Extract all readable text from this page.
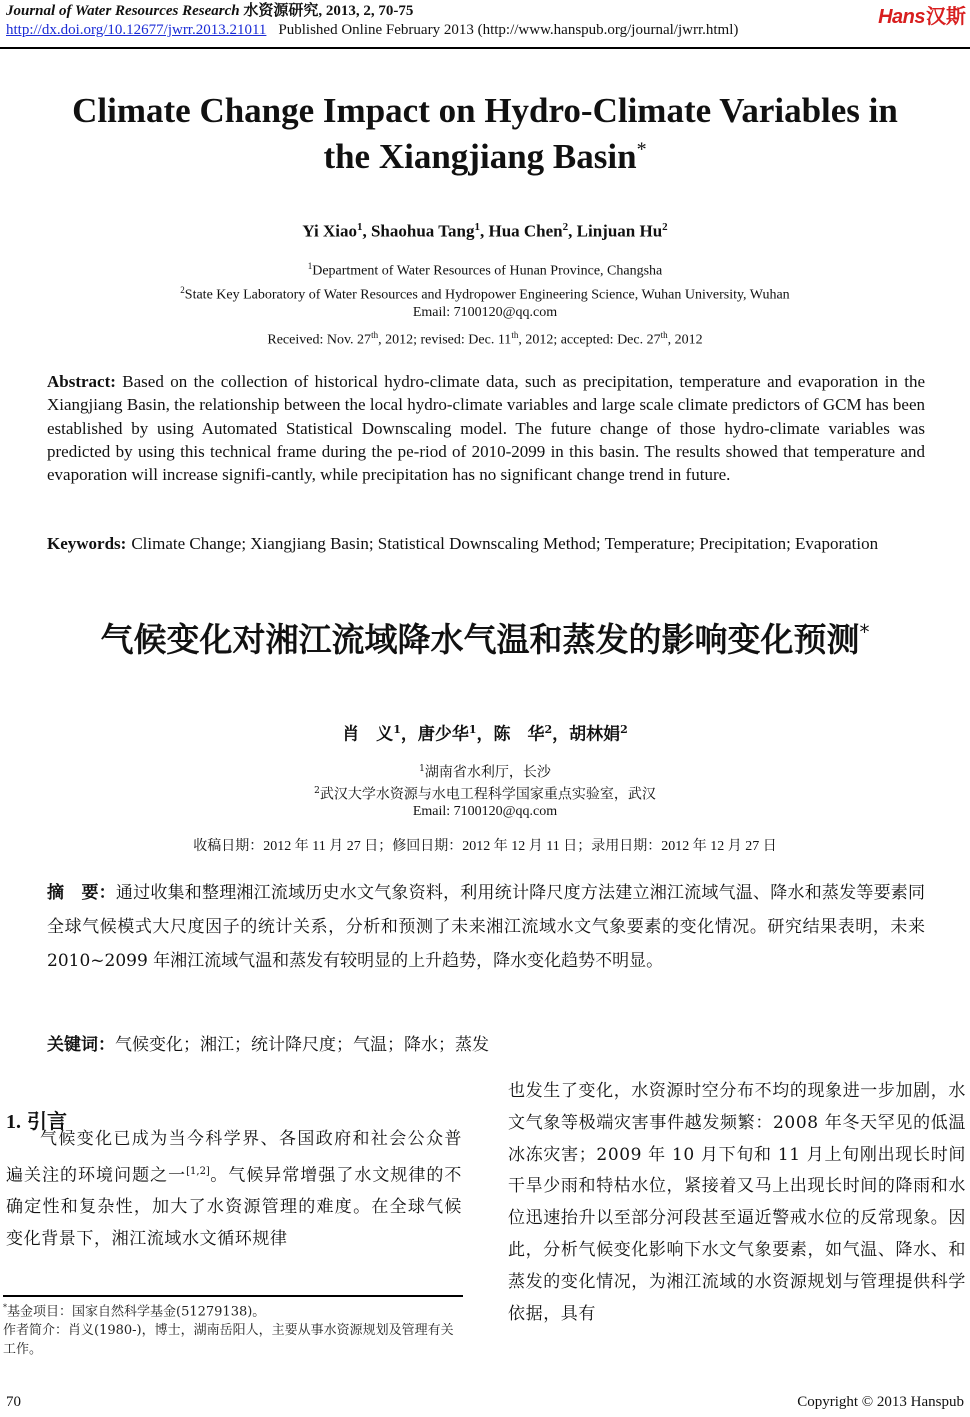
Journal of Water Resources Research 水资源研究, 2013, 2, 70-75
http://dx.doi.org/10.12677/jwrr.2013.21011 Published Online February 2013 (http://www.hanspub.org/journal/jwrr.html)
Hans汉斯
Climate Change Impact on Hydro-Climate Variables in
the Xiangjiang Basin*
Yi Xiao$^1$, Shaohua Tang$^1$, Hua Chen$^2$, Linjuan Hu$^2$
$^1$Department of Water Resources of Hunan Province, Changsha
$^2$State Key Laboratory of Water Resources and Hydropower Engineering Science, Wuhan University, Wuhan
Email: 7100120@qq.com
Received: Nov. 27th, 2012; revised: Dec. 11th, 2012; accepted: Dec. 27th, 2012
Abstract: Based on the collection of historical hydro-climate data, such as precipitation, temperature and evaporation in the Xiangjiang Basin, the relationship between the local hydro-climate variables and large scale climate predictors of GCM has been established by using Automated Statistical Downscaling model. The future change of those hydro-climate variables was predicted by using this technical frame during the pe-riod of 2010-2099 in this basin. The results showed that temperature and evaporation will increase signifi-cantly, while precipitation has no significant change trend in future.
Keywords: Climate Change; Xiangjiang Basin; Statistical Downscaling Method; Temperature; Precipitation; Evaporation
气候变化对湘江流域降水气温和蒸发的影响变化预测*
肖　义$^1$，唐少华$^1$，陈　华$^2$，胡林娟$^2$
$^1$湖南省水利厅，长沙
$^2$武汉大学水资源与水电工程科学国家重点实验室，武汉
Email: 7100120@qq.com
收稿日期：2012 年 11 月 27 日；修回日期：2012 年 12 月 11 日；录用日期：2012 年 12 月 27 日
摘　要：通过收集和整理湘江流域历史水文气象资料，利用统计降尺度方法建立湘江流域气温、降水和蒸发等要素同全球气候模式大尺度因子的统计关系，分析和预测了未来湘江流域水文气象要素的变化情况。研究结果表明，未来 2010~2099 年湘江流域气温和蒸发有较明显的上升趋势，降水变化趋势不明显。
关键词：气候变化；湘江；统计降尺度；气温；降水；蒸发
1. 引言
气候变化已成为当今科学界、各国政府和社会公众普遍关注的环境问题之一[1,2]。气候异常增强了水文规律的不确定性和复杂性，加大了水资源管理的难度。在全球气候变化背景下，湘江流域水文循环规律
也发生了变化，水资源时空分布不均的现象进一步加剧，水文气象等极端灾害事件越发频繁：2008 年冬天罕见的低温冰冻灾害；2009 年 10 月下旬和 11 月上旬刚出现长时间干旱少雨和特枯水位，紧接着又马上出现长时间的降雨和水位迅速抬升以至部分河段甚至逼近警戒水位的反常现象。因此，分析气候变化影响下水文气象要素，如气温、降水、和蒸发的变化情况，为湘江流域的水资源规划与管理提供科学依据，具有
*基金项目：国家自然科学基金(51279138)。
作者简介：肖义(1980-)，博士，湖南岳阳人，主要从事水资源规划及管理有关工作。
70	Copyright © 2013 Hanspub
